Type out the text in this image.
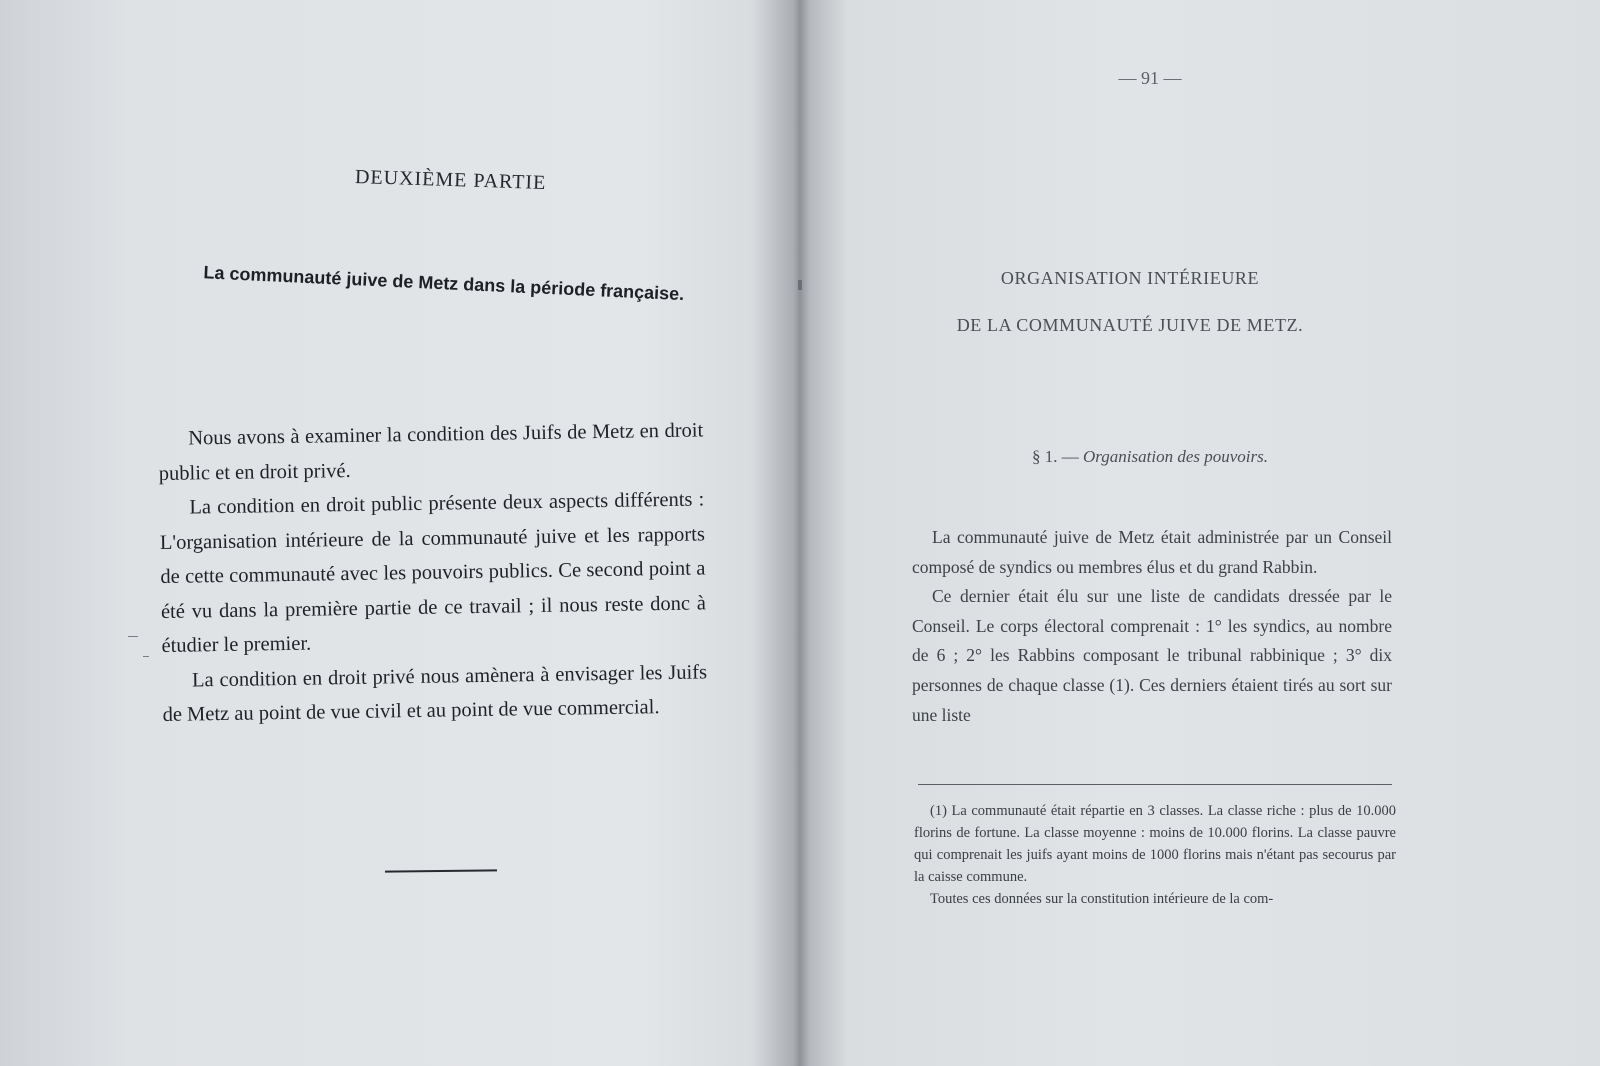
DEUXIÈME PARTIE
La communauté juive de Metz dans la période française.

Nous avons à examiner la condition des Juifs de Metz en droit public et en droit privé.

La condition en droit public présente deux aspects différents : L'organisation intérieure de la communauté juive et les rapports de cette communauté avec les pouvoirs publics. Ce second point a été vu dans la première partie de ce travail ; il nous reste donc à étudier le premier.

La condition en droit privé nous amènera à envisager les Juifs de Metz au point de vue civil et au point de vue commercial.

— 91 —
ORGANISATION INTÉRIEURE
DE LA COMMUNAUTÉ JUIVE DE METZ.
§ 1. — Organisation des pouvoirs.

La communauté juive de Metz était administrée par un Conseil composé de syndics ou membres élus et du grand Rabbin.

Ce dernier était élu sur une liste de candidats dressée par le Conseil. Le corps électoral comprenait : 1° les syndics, au nombre de 6 ; 2° les Rabbins composant le tribunal rabbinique ; 3° dix personnes de chaque classe (1). Ces derniers étaient tirés au sort sur une liste

(1) La communauté était répartie en 3 classes. La classe riche : plus de 10.000 florins de fortune. La classe moyenne : moins de 10.000 florins. La classe pauvre qui comprenait les juifs ayant moins de 1000 florins mais n'étant pas secourus par la caisse commune.

Toutes ces données sur la constitution intérieure de la com-
